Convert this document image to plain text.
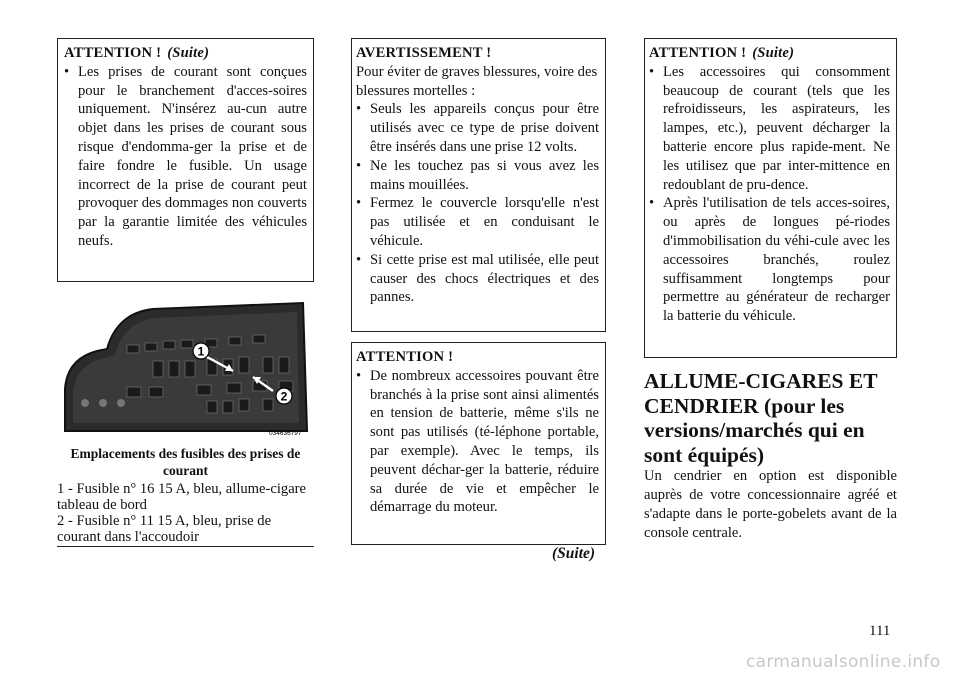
ATTENTION ! (Suite)
• Les prises de courant sont conçues pour le branchement d'acces-soires uniquement. N'insérez au-cun autre objet dans les prises de courant sous risque d'endomma-ger la prise et de faire fondre le fusible. Un usage incorrect de la prise de courant peut provoquer des dommages non couverts par la garantie limitée des véhicules neufs.
1
2
034636797
Emplacements des fusibles des prises de courant
1 - Fusible n° 16 15 A, bleu, allume-cigare tableau de bord
2 - Fusible n° 11 15 A, bleu, prise de courant dans l'accoudoir
AVERTISSEMENT !
Pour éviter de graves blessures, voire des blessures mortelles :
• Seuls les appareils conçus pour être utilisés avec ce type de prise doivent être insérés dans une prise 12 volts.
• Ne les touchez pas si vous avez les mains mouillées.
• Fermez le couvercle lorsqu'elle n'est pas utilisée et en conduisant le véhicule.
• Si cette prise est mal utilisée, elle peut causer des chocs électriques et des pannes.
ATTENTION !
• De nombreux accessoires pouvant être branchés à la prise sont ainsi alimentés en tension de batterie, même s'ils ne sont pas utilisés (té-léphone portable, par exemple). Avec le temps, ils peuvent déchar-ger la batterie, réduire sa durée de vie et empêcher le démarrage du moteur.
(Suite)
ATTENTION ! (Suite)
• Les accessoires qui consomment beaucoup de courant (tels que les refroidisseurs, les aspirateurs, les lampes, etc.), peuvent décharger la batterie encore plus rapide-ment. Ne les utilisez que par inter-mittence en redoublant de pru-dence.
• Après l'utilisation de tels acces-soires, ou après de longues pé-riodes d'immobilisation du véhi-cule avec les accessoires branchés, roulez suffisamment longtemps pour permettre au générateur de recharger la batterie du véhicule.
ALLUME-CIGARES ET CENDRIER (pour les versions/marchés qui en sont équipés)
Un cendrier en option est disponible auprès de votre concessionnaire agréé et s'adapte dans le porte-gobelets avant de la console centrale.
111
carmanualsonline.info
